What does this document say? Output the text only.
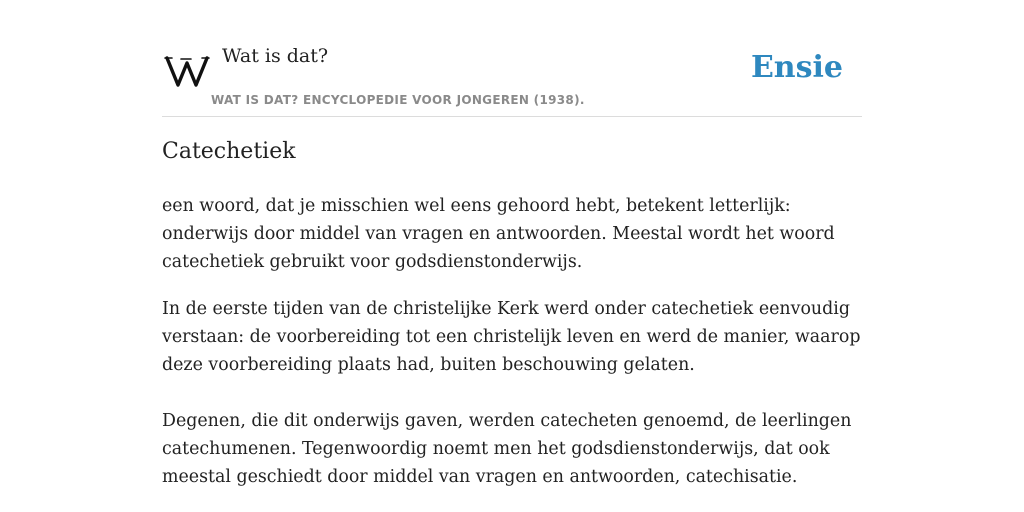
Wat is dat?
WAT IS DAT? ENCYCLOPEDIE VOOR JONGEREN (1938).
Ensie
Catechetiek

een woord, dat je misschien wel eens gehoord hebt, betekent letterlijk: onderwijs door middel van vragen en antwoorden. Meestal wordt het woord catechetiek gebruikt voor godsdienstonderwijs.

In de eerste tijden van de christelijke Kerk werd onder catechetiek eenvoudig verstaan: de voorbereiding tot een christelijk leven en werd de manier, waarop deze voorbereiding plaats had, buiten beschouwing gelaten.

Degenen, die dit onderwijs gaven, werden catecheten genoemd, de leerlingen catechumenen. Tegenwoordig noemt men het godsdienstonderwijs, dat ook meestal geschiedt door middel van vragen en antwoorden, catechisatie.
